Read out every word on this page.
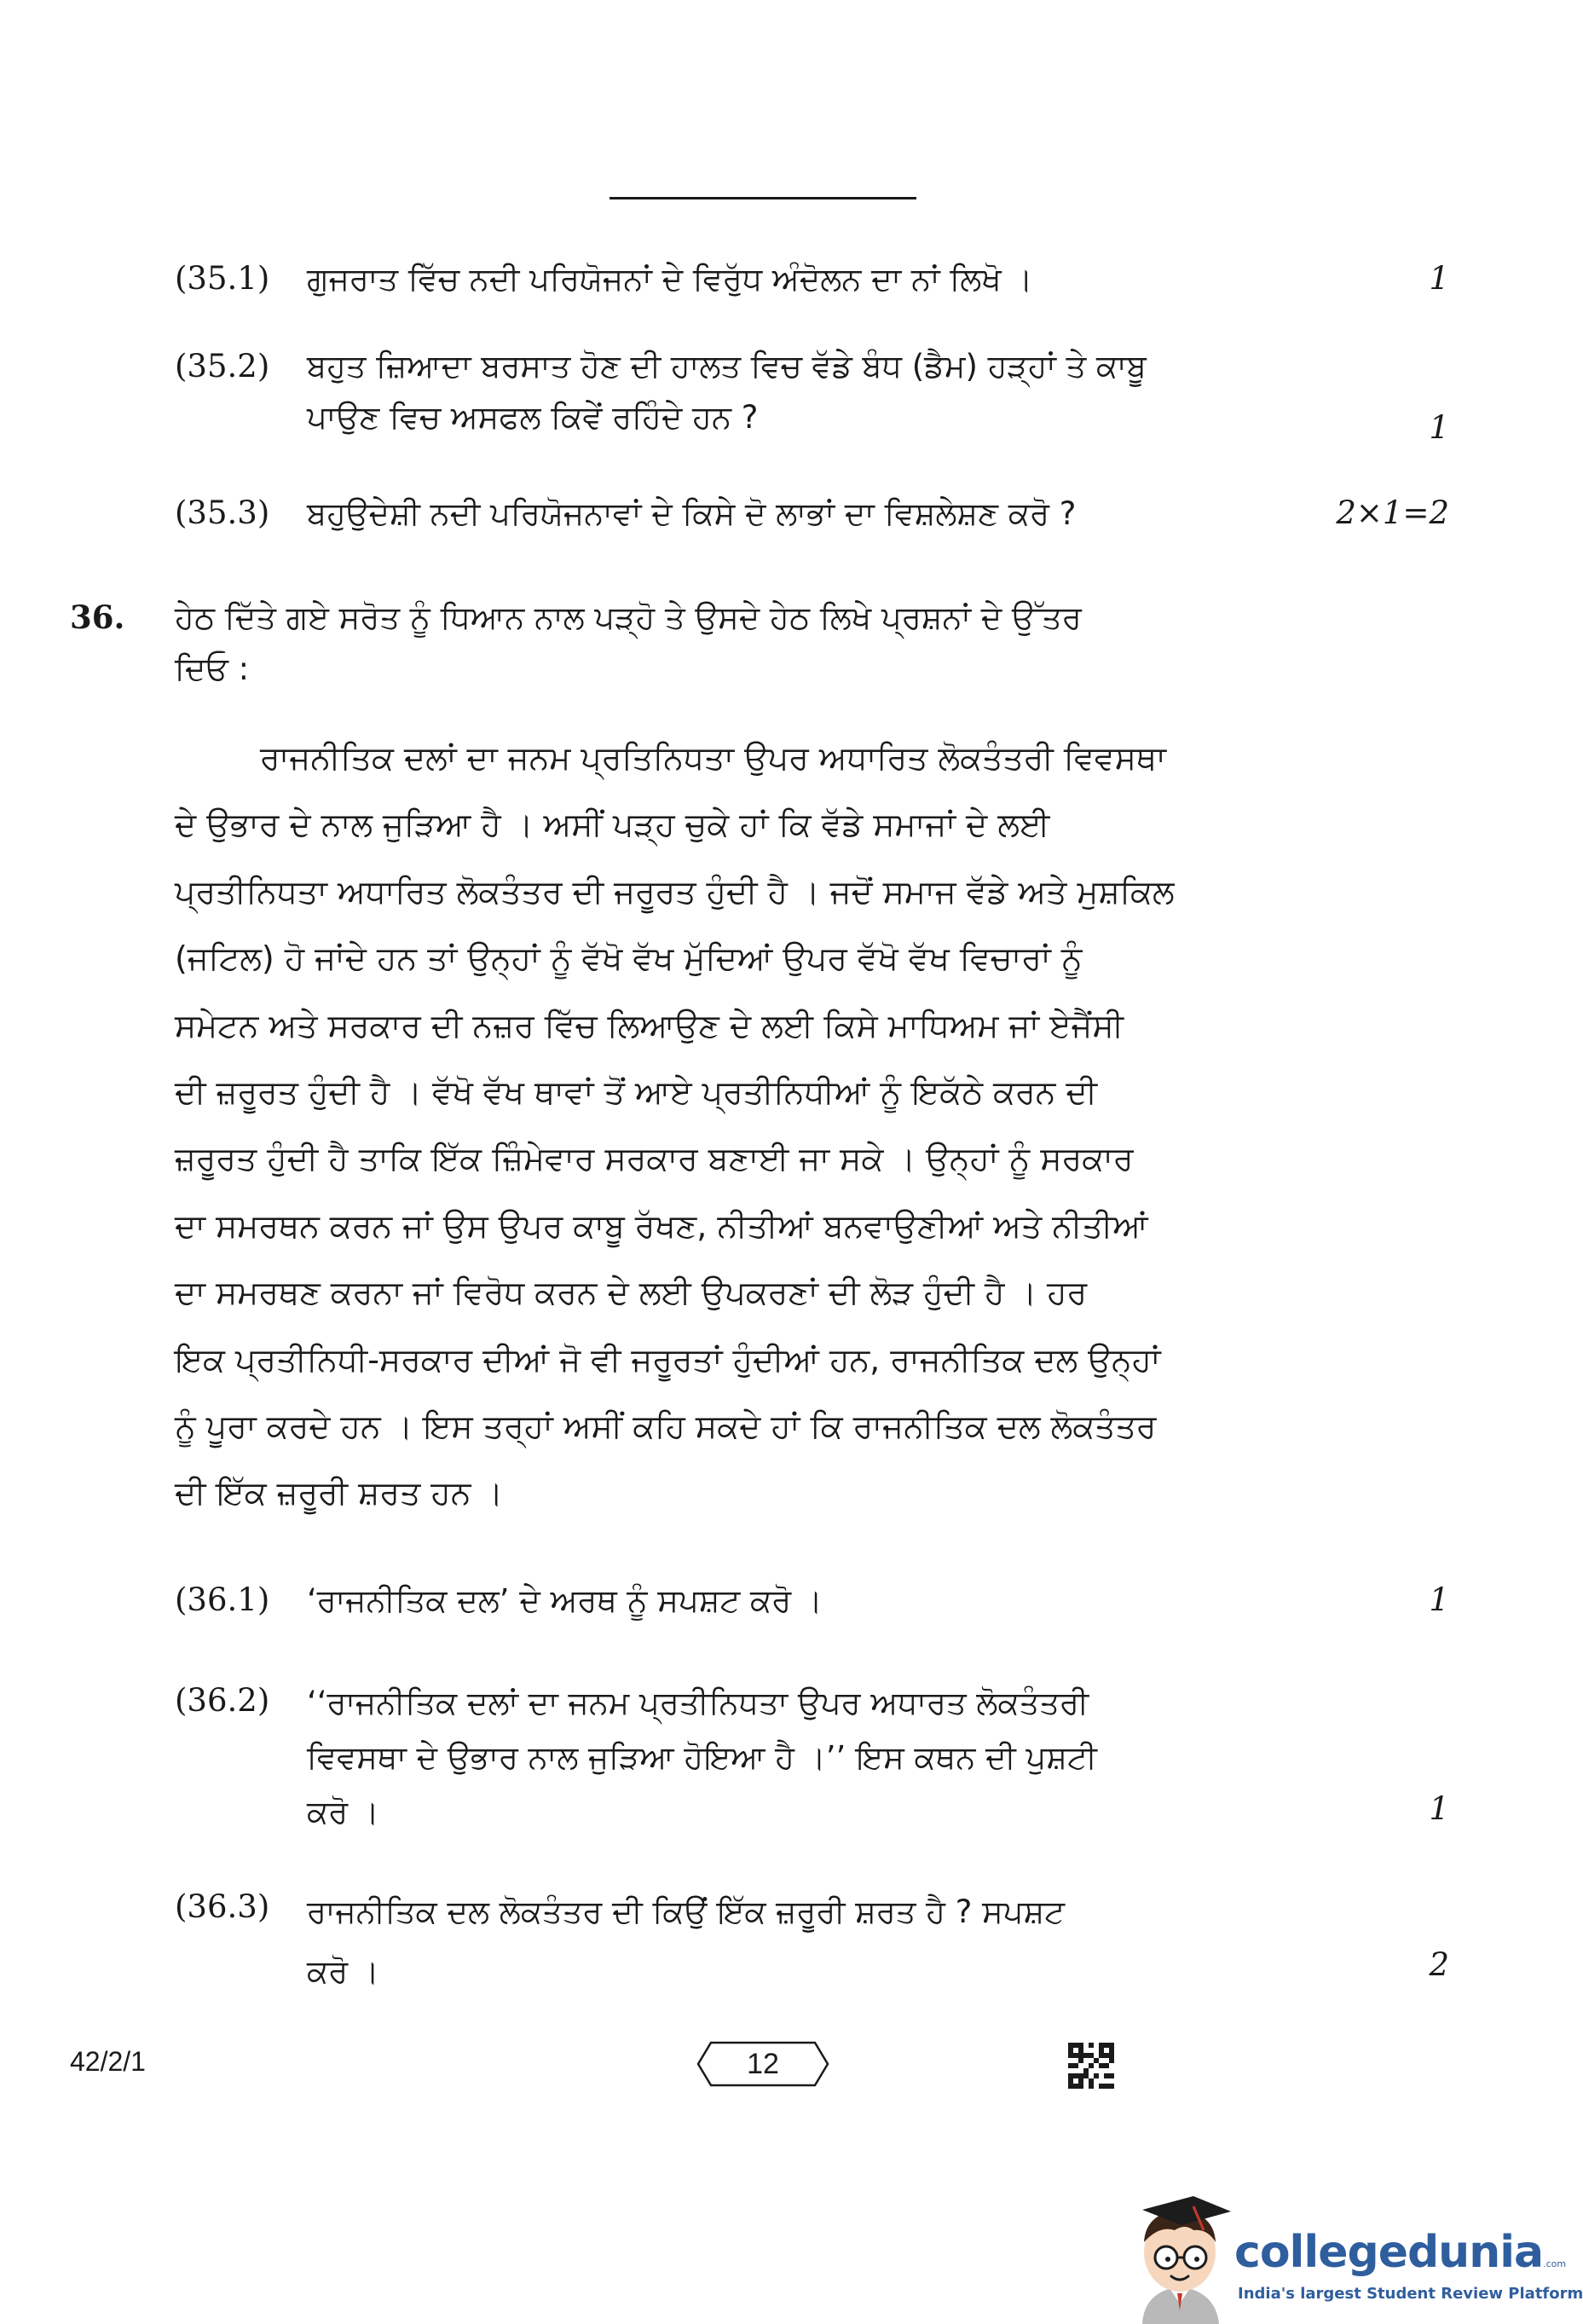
(35.1) ਗੁਜਰਾਤ ਵਿੱਚ ਨਦੀ ਪਰਿਯੋਜਨਾਂ ਦੇ ਵਿਰੁੱਧ ਅੰਦੋਲਨ ਦਾ ਨਾਂ ਲਿਖੋ ।	1
(35.2) ਬਹੁਤ ਜ਼ਿਆਦਾ ਬਰਸਾਤ ਹੋਣ ਦੀ ਹਾਲਤ ਵਿਚ ਵੱਡੇ ਬੰਧ (ਡੈਮ) ਹੜ੍ਹਾਂ ਤੇ ਕਾਬੂ
ਪਾਉਣ ਵਿਚ ਅਸਫਲ ਕਿਵੇਂ ਰਹਿੰਦੇ ਹਨ ?	1
(35.3) ਬਹੁਉਦੇਸ਼ੀ ਨਦੀ ਪਰਿਯੋਜਨਾਵਾਂ ਦੇ ਕਿਸੇ ਦੋ ਲਾਭਾਂ ਦਾ ਵਿਸ਼ਲੇਸ਼ਣ ਕਰੋ ?	2×1=2
36. ਹੇਠ ਦਿੱਤੇ ਗਏ ਸਰੋਤ ਨੂੰ ਧਿਆਨ ਨਾਲ ਪੜ੍ਹੋ ਤੇ ਉਸਦੇ ਹੇਠ ਲਿਖੇ ਪ੍ਰਸ਼ਨਾਂ ਦੇ ਉੱਤਰ
ਦਿਓ :
ਰਾਜਨੀਤਿਕ ਦਲਾਂ ਦਾ ਜਨਮ ਪ੍ਰਤਿਨਿਧਤਾ ਉਪਰ ਅਧਾਰਿਤ ਲੋਕਤੰਤਰੀ ਵਿਵਸਥਾ
ਦੇ ਉਭਾਰ ਦੇ ਨਾਲ ਜੁੜਿਆ ਹੈ । ਅਸੀਂ ਪੜ੍ਹ ਚੁਕੇ ਹਾਂ ਕਿ ਵੱਡੇ ਸਮਾਜਾਂ ਦੇ ਲਈ
ਪ੍ਰਤੀਨਿਧਤਾ ਅਧਾਰਿਤ ਲੋਕਤੰਤਰ ਦੀ ਜਰੂਰਤ ਹੁੰਦੀ ਹੈ । ਜਦੋਂ ਸਮਾਜ ਵੱਡੇ ਅਤੇ ਮੁਸ਼ਕਿਲ
(ਜਟਿਲ) ਹੋ ਜਾਂਦੇ ਹਨ ਤਾਂ ਉਨ੍ਹਾਂ ਨੂੰ ਵੱਖੋ ਵੱਖ ਮੁੱਦਿਆਂ ਉਪਰ ਵੱਖੋ ਵੱਖ ਵਿਚਾਰਾਂ ਨੂੰ
ਸਮੇਟਨ ਅਤੇ ਸਰਕਾਰ ਦੀ ਨਜ਼ਰ ਵਿੱਚ ਲਿਆਉਣ ਦੇ ਲਈ ਕਿਸੇ ਮਾਧਿਅਮ ਜਾਂ ਏਜੈਂਸੀ
ਦੀ ਜ਼ਰੂਰਤ ਹੁੰਦੀ ਹੈ । ਵੱਖੋ ਵੱਖ ਥਾਵਾਂ ਤੋਂ ਆਏ ਪ੍ਰਤੀਨਿਧੀਆਂ ਨੂੰ ਇਕੱਠੇ ਕਰਨ ਦੀ
ਜ਼ਰੂਰਤ ਹੁੰਦੀ ਹੈ ਤਾਕਿ ਇੱਕ ਜ਼ਿੰਮੇਵਾਰ ਸਰਕਾਰ ਬਣਾਈ ਜਾ ਸਕੇ । ਉਨ੍ਹਾਂ ਨੂੰ ਸਰਕਾਰ
ਦਾ ਸਮਰਥਨ ਕਰਨ ਜਾਂ ਉਸ ਉਪਰ ਕਾਬੂ ਰੱਖਣ, ਨੀਤੀਆਂ ਬਨਵਾਉਣੀਆਂ ਅਤੇ ਨੀਤੀਆਂ
ਦਾ ਸਮਰਥਣ ਕਰਨਾ ਜਾਂ ਵਿਰੋਧ ਕਰਨ ਦੇ ਲਈ ਉਪਕਰਣਾਂ ਦੀ ਲੋੜ ਹੁੰਦੀ ਹੈ । ਹਰ
ਇਕ ਪ੍ਰਤੀਨਿਧੀ-ਸਰਕਾਰ ਦੀਆਂ ਜੋ ਵੀ ਜਰੂਰਤਾਂ ਹੁੰਦੀਆਂ ਹਨ, ਰਾਜਨੀਤਿਕ ਦਲ ਉਨ੍ਹਾਂ
ਨੂੰ ਪੂਰਾ ਕਰਦੇ ਹਨ । ਇਸ ਤਰ੍ਹਾਂ ਅਸੀਂ ਕਹਿ ਸਕਦੇ ਹਾਂ ਕਿ ਰਾਜਨੀਤਿਕ ਦਲ ਲੋਕਤੰਤਰ
ਦੀ ਇੱਕ ਜ਼ਰੂਰੀ ਸ਼ਰਤ ਹਨ ।
(36.1) ‘ਰਾਜਨੀਤਿਕ ਦਲ’ ਦੇ ਅਰਥ ਨੂੰ ਸਪਸ਼ਟ ਕਰੋ ।	1
(36.2) ‘‘ਰਾਜਨੀਤਿਕ ਦਲਾਂ ਦਾ ਜਨਮ ਪ੍ਰਤੀਨਿਧਤਾ ਉਪਰ ਅਧਾਰਤ ਲੋਕਤੰਤਰੀ
ਵਿਵਸਥਾ ਦੇ ਉਭਾਰ ਨਾਲ ਜੁੜਿਆ ਹੋਇਆ ਹੈ ।’’ ਇਸ ਕਥਨ ਦੀ ਪੁਸ਼ਟੀ
ਕਰੋ ।	1
(36.3) ਰਾਜਨੀਤਿਕ ਦਲ ਲੋਕਤੰਤਰ ਦੀ ਕਿਉਂ ਇੱਕ ਜ਼ਰੂਰੀ ਸ਼ਰਤ ਹੈ ? ਸਪਸ਼ਟ
ਕਰੋ ।	2
42/2/1	12
collegedunia.com
India's largest Student Review Platform
